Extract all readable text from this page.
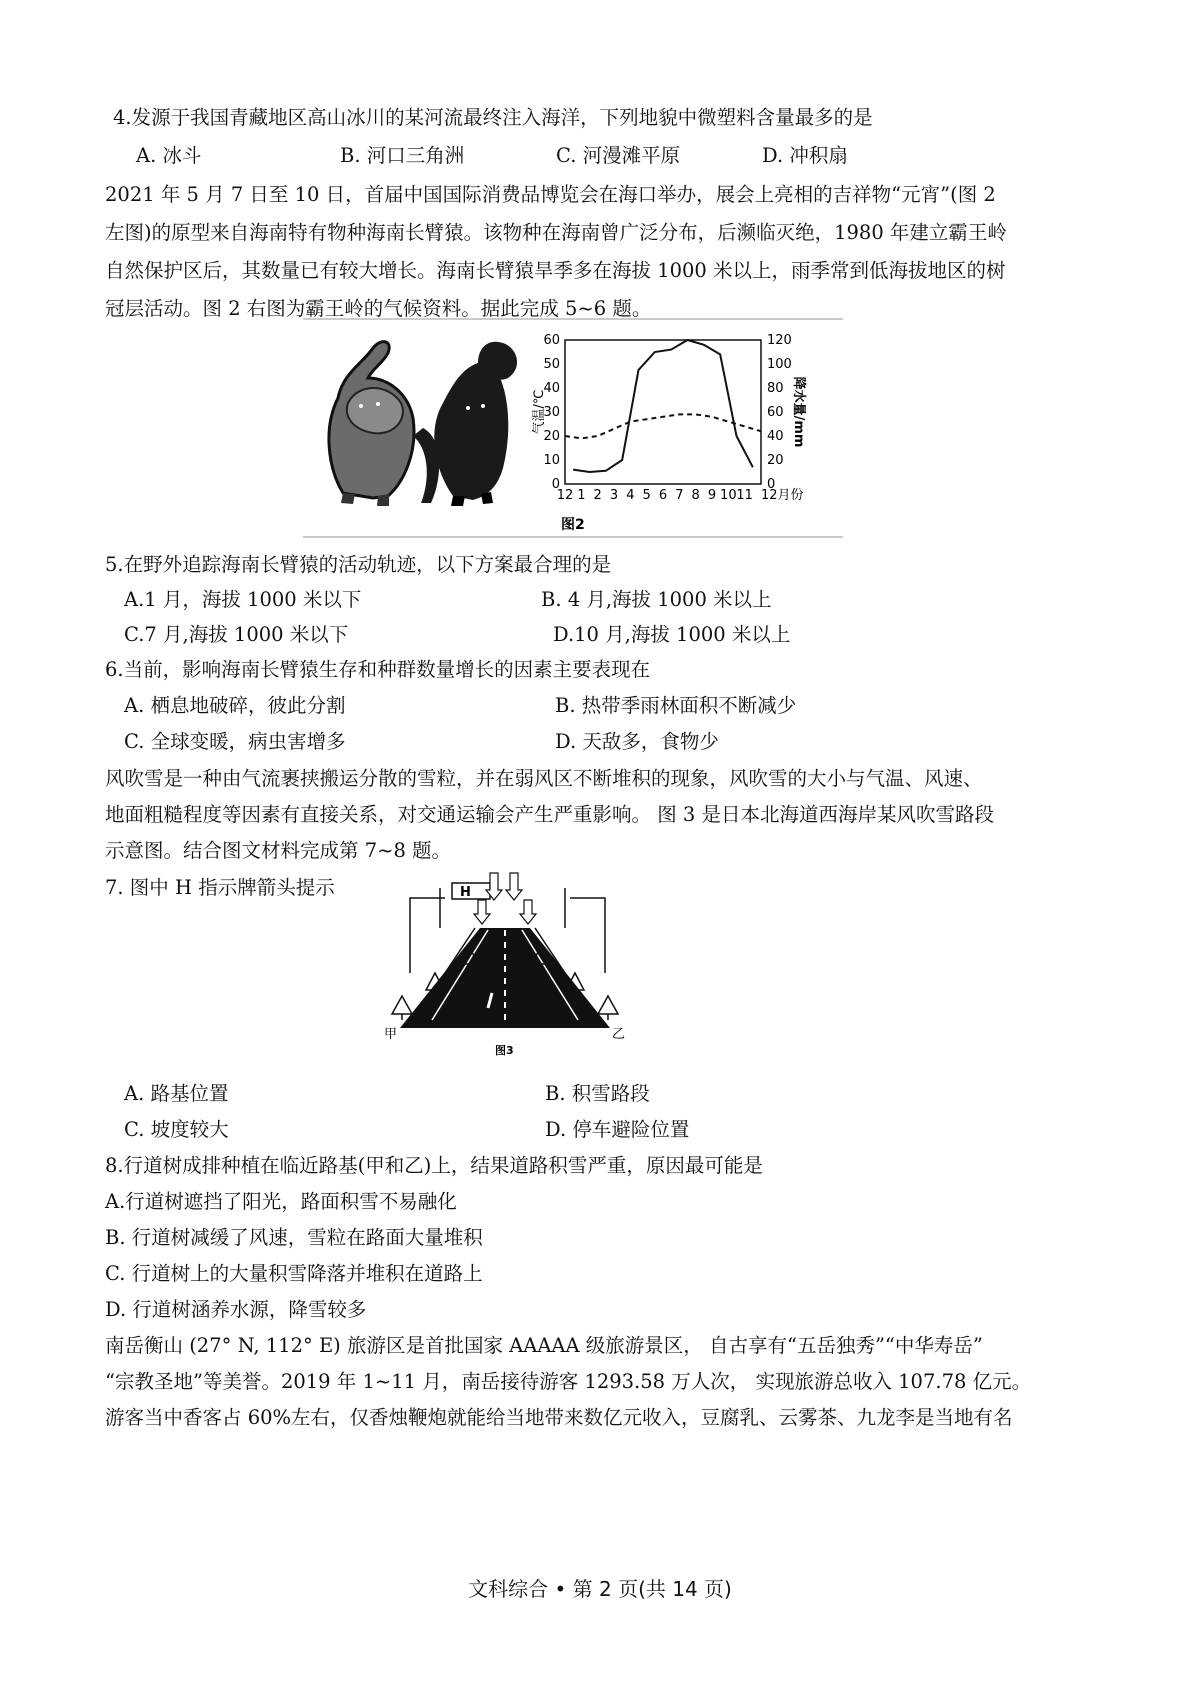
4.发源于我国青藏地区高山冰川的某河流最终注入海洋，下列地貌中微塑料含量最多的是
A. 冰斗	B. 河口三角洲	C. 河漫滩平原	D. 冲积扇
2021 年 5 月 7 日至 10 日，首届中国国际消费品博览会在海口举办，展会上亮相的吉祥物“元宵”(图 2
左图)的原型来自海南特有物种海南长臂猿。该物种在海南曾广泛分布，后濒临灭绝，1980 年建立霸王岭
自然保护区后，其数量已有较大增长。海南长臂猿旱季多在海拔 1000 米以上，雨季常到低海拔地区的树
冠层活动。图 2 右图为霸王岭的气候资料。据此完成 5~6 题。
0
10
20
30
40
50
60
0
20
40
60
80
100
120
12 1 2 3 4 5 6 7 8 9 10 11 12月份
气温/℃	降水量/mm
图2
5.在野外追踪海南长臂猿的活动轨迹，以下方案最合理的是
A.1 月，海拔 1000 米以下	B. 4 月,海拔 1000 米以上
C.7 月,海拔 1000 米以下	D.10 月,海拔 1000 米以上
6.当前，影响海南长臂猿生存和种群数量增长的因素主要表现在
A. 栖息地破碎，彼此分割	B. 热带季雨林面积不断减少
C. 全球变暖，病虫害增多	D. 天敌多，食物少
风吹雪是一种由气流裹挟搬运分散的雪粒，并在弱风区不断堆积的现象，风吹雪的大小与气温、风速、
地面粗糙程度等因素有直接关系，对交通运输会产生严重影响。 图 3 是日本北海道西海岸某风吹雪路段
示意图。结合图文材料完成第 7~8 题。
7. 图中 H 指示牌箭头提示	H
甲	乙
图3
A. 路基位置	B. 积雪路段
C. 坡度较大	D. 停车避险位置
8.行道树成排种植在临近路基(甲和乙)上，结果道路积雪严重，原因最可能是
A.行道树遮挡了阳光，路面积雪不易融化
B. 行道树减缓了风速，雪粒在路面大量堆积
C. 行道树上的大量积雪降落并堆积在道路上
D. 行道树涵养水源，降雪较多
南岳衡山 (27° N, 112° E) 旅游区是首批国家 AAAAA 级旅游景区， 自古享有“五岳独秀”“中华寿岳”
“宗教圣地”等美誉。2019 年 1~11 月，南岳接待游客 1293.58 万人次， 实现旅游总收入 107.78 亿元。
游客当中香客占 60%左右，仅香烛鞭炮就能给当地带来数亿元收入，豆腐乳、云雾茶、九龙李是当地有名
文科综合 • 第 2 页(共 14 页)
